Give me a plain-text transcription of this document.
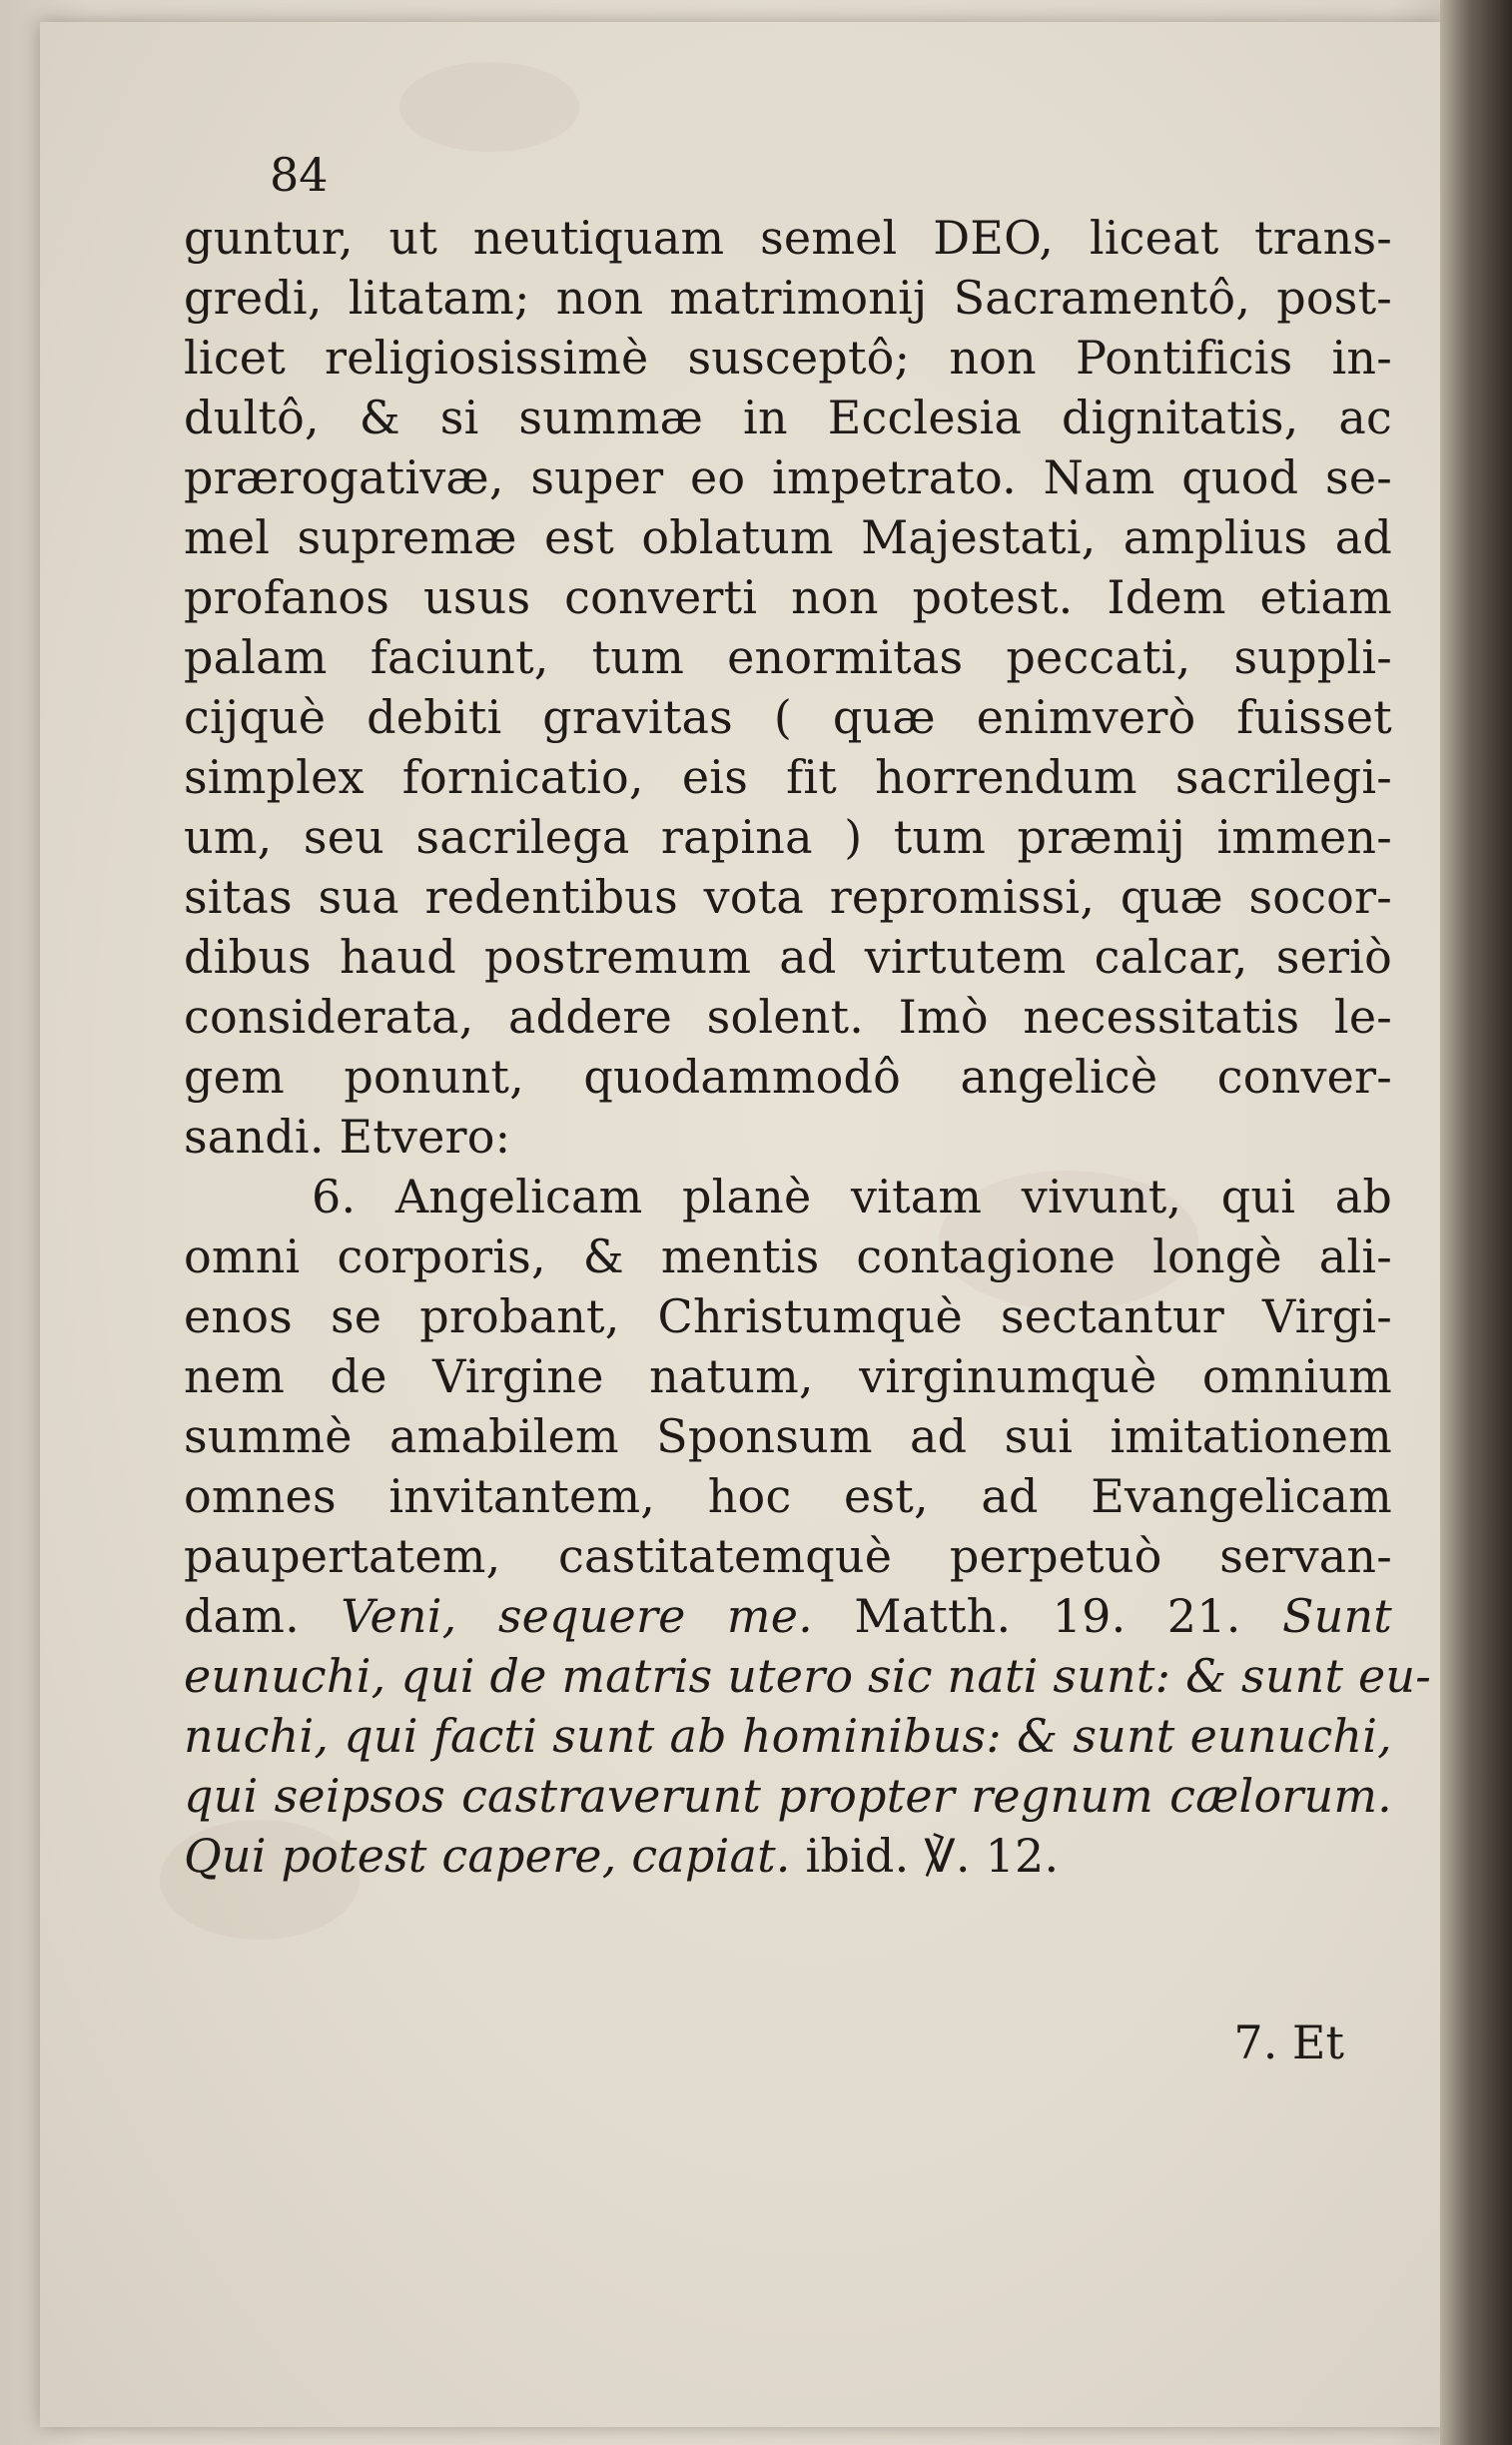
84
guntur, ut neutiquam semel DEO, liceat trans-
gredi, litatam; non matrimonij Sacramentô, post-
licet religiosissimè susceptô; non Pontificis in-
dultô, & si summæ in Ecclesia dignitatis, ac
prærogativæ, super eo impetrato. Nam quod se-
mel supremæ est oblatum Majestati, amplius ad
profanos usus converti non potest. Idem etiam
palam faciunt, tum enormitas peccati, suppli-
cijquè debiti gravitas ( quæ enimverò fuisset
simplex fornicatio, eis fit horrendum sacrilegi-
um, seu sacrilega rapina ) tum præmij immen-
sitas sua redentibus vota repromissi, quæ socor-
dibus haud postremum ad virtutem calcar, seriò
considerata, addere solent. Imò necessitatis le-
gem ponunt, quodammodô angelicè conver-
sandi. Etvero:
6. Angelicam planè vitam vivunt, qui ab
omni corporis, & mentis contagione longè ali-
enos se probant, Christumquè sectantur Virgi-
nem de Virgine natum, virginumquè omnium
summè amabilem Sponsum ad sui imitationem
omnes invitantem, hoc est, ad Evangelicam
paupertatem, castitatemquè perpetuò servan-
dam. Veni, sequere me. Matth. 19. 21. Sunt
eunuchi, qui de matris utero sic nati sunt: & sunt eu-
nuchi, qui facti sunt ab hominibus: & sunt eunuchi,
qui seipsos castraverunt propter regnum cælorum.
Qui potest capere, capiat. ibid. ℣. 12.
7. Et
